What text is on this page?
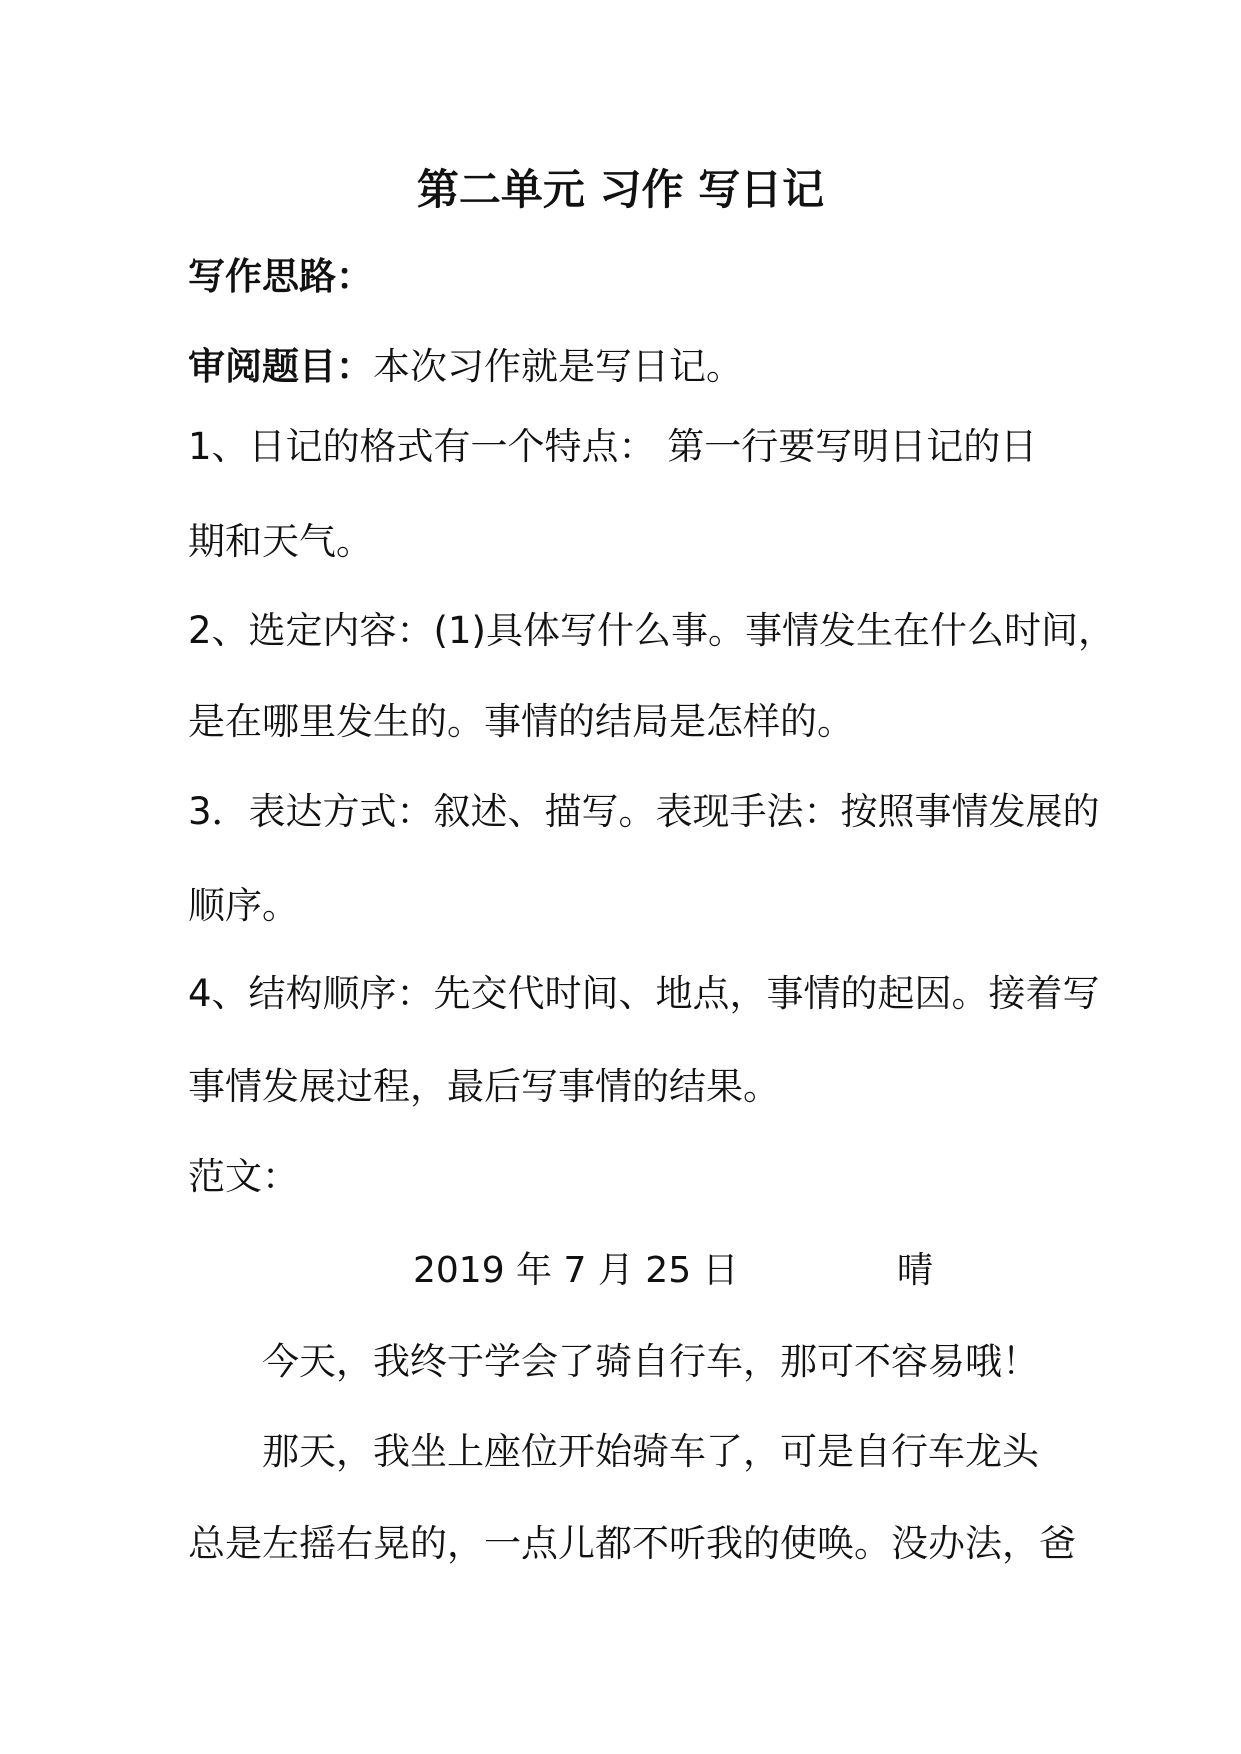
第二单元 习作 写日记
写作思路：
审阅题目：本次习作就是写日记。
1、日记的格式有一个特点： 第一行要写明日记的日
期和天气。
2、选定内容：(1)具体写什么事。事情发生在什么时间，
是在哪里发生的。事情的结局是怎样的。
3．表达方式：叙述、描写。表现手法：按照事情发展的
顺序。
4、结构顺序：先交代时间、地点，事情的起因。接着写
事情发展过程，最后写事情的结果。
范文：
2019 年 7 月 25 日	晴
今天，我终于学会了骑自行车，那可不容易哦！
那天，我坐上座位开始骑车了，可是自行车龙头
总是左摇右晃的，一点儿都不听我的使唤。没办法，爸
